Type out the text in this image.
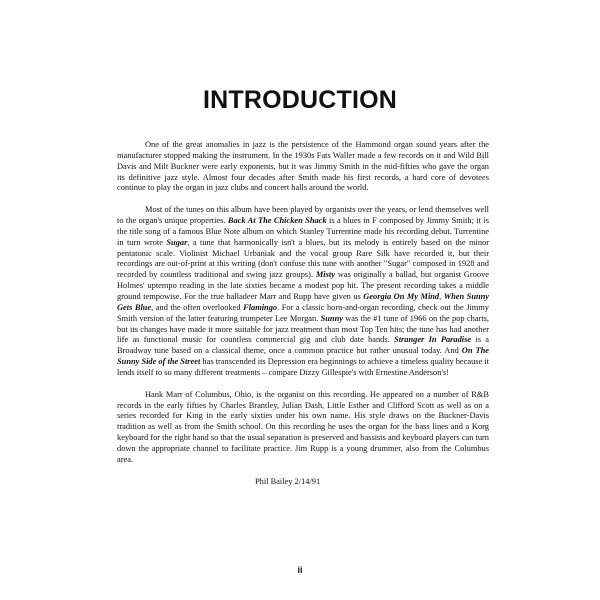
INTRODUCTION

One of the great anomalies in jazz is the persistence of the Hammond organ sound years after the manufacturer stopped making the instrument. In the 1930s Fats Waller made a few records on it and Wild Bill Davis and Milt Buckner were early exponents, but it was Jimmy Smith in the mid-fifties who gave the organ its definitive jazz style. Almost four decades after Smith made his first records, a hard core of devotees continue to play the organ in jazz clubs and concert halls around the world.

Most of the tunes on this album have been played by organists over the years, or lend themselves well to the organ's unique properties. Back At The Chicken Shack is a blues in F composed by Jimmy Smith; it is the title song of a famous Blue Note album on which Stanley Turrentine made his recording debut. Turrentine in turn wrote Sugar, a tune that harmonically isn't a blues, but its melody is entirely based on the minor pentatonic scale. Violinist Michael Urbaniak and the vocal group Rare Silk have recorded it, but their recordings are out-of-print at this writing (don't confuse this tune with another "Sugar" composed in 1928 and recorded by countless traditional and swing jazz groups). Misty was originally a ballad, but organist Groove Holmes' uptempo reading in the late sixties became a modest pop hit. The present recording takes a middle ground tempowise. For the true balladeer Marr and Rupp have given us Georgia On My Mind, When Sunny Gets Blue, and the often overlooked Flamingo. For a classic horn-and-organ recording, check out the Jimmy Smith version of the latter featuring trumpeter Lee Morgan. Sunny was the #1 tune of 1966 on the pop charts, but its changes have made it more suitable for jazz treatment than most Top Ten hits; the tune has had another life as functional music for countless commercial gig and club date bands. Stranger In Paradise is a Broadway tune based on a classical theme, once a common practice but rather unusual today. And On The Sunny Side of the Street has transcended its Depression era beginnings to achieve a timeless quality because it lends itself to so many different treatments – compare Dizzy Gillespie's with Ernestine Anderson's!

Hank Marr of Columbus, Ohio, is the organist on this recording. He appeared on a number of R&B records in the early fifties by Charles Brantley, Julian Dash, Little Esther and Clifford Scott as well as on a series recorded for King in the early sixties under his own name. His style draws on the Buckner-Davis tradition as well as from the Smith school. On this recording he uses the organ for the bass lines and a Korg keyboard for the right hand so that the usual separation is preserved and bassists and keyboard players can turn down the appropriate channel to facilitate practice. Jim Rupp is a young drummer, also from the Columbus area.

Phil Bailey 2/14/91
ii
